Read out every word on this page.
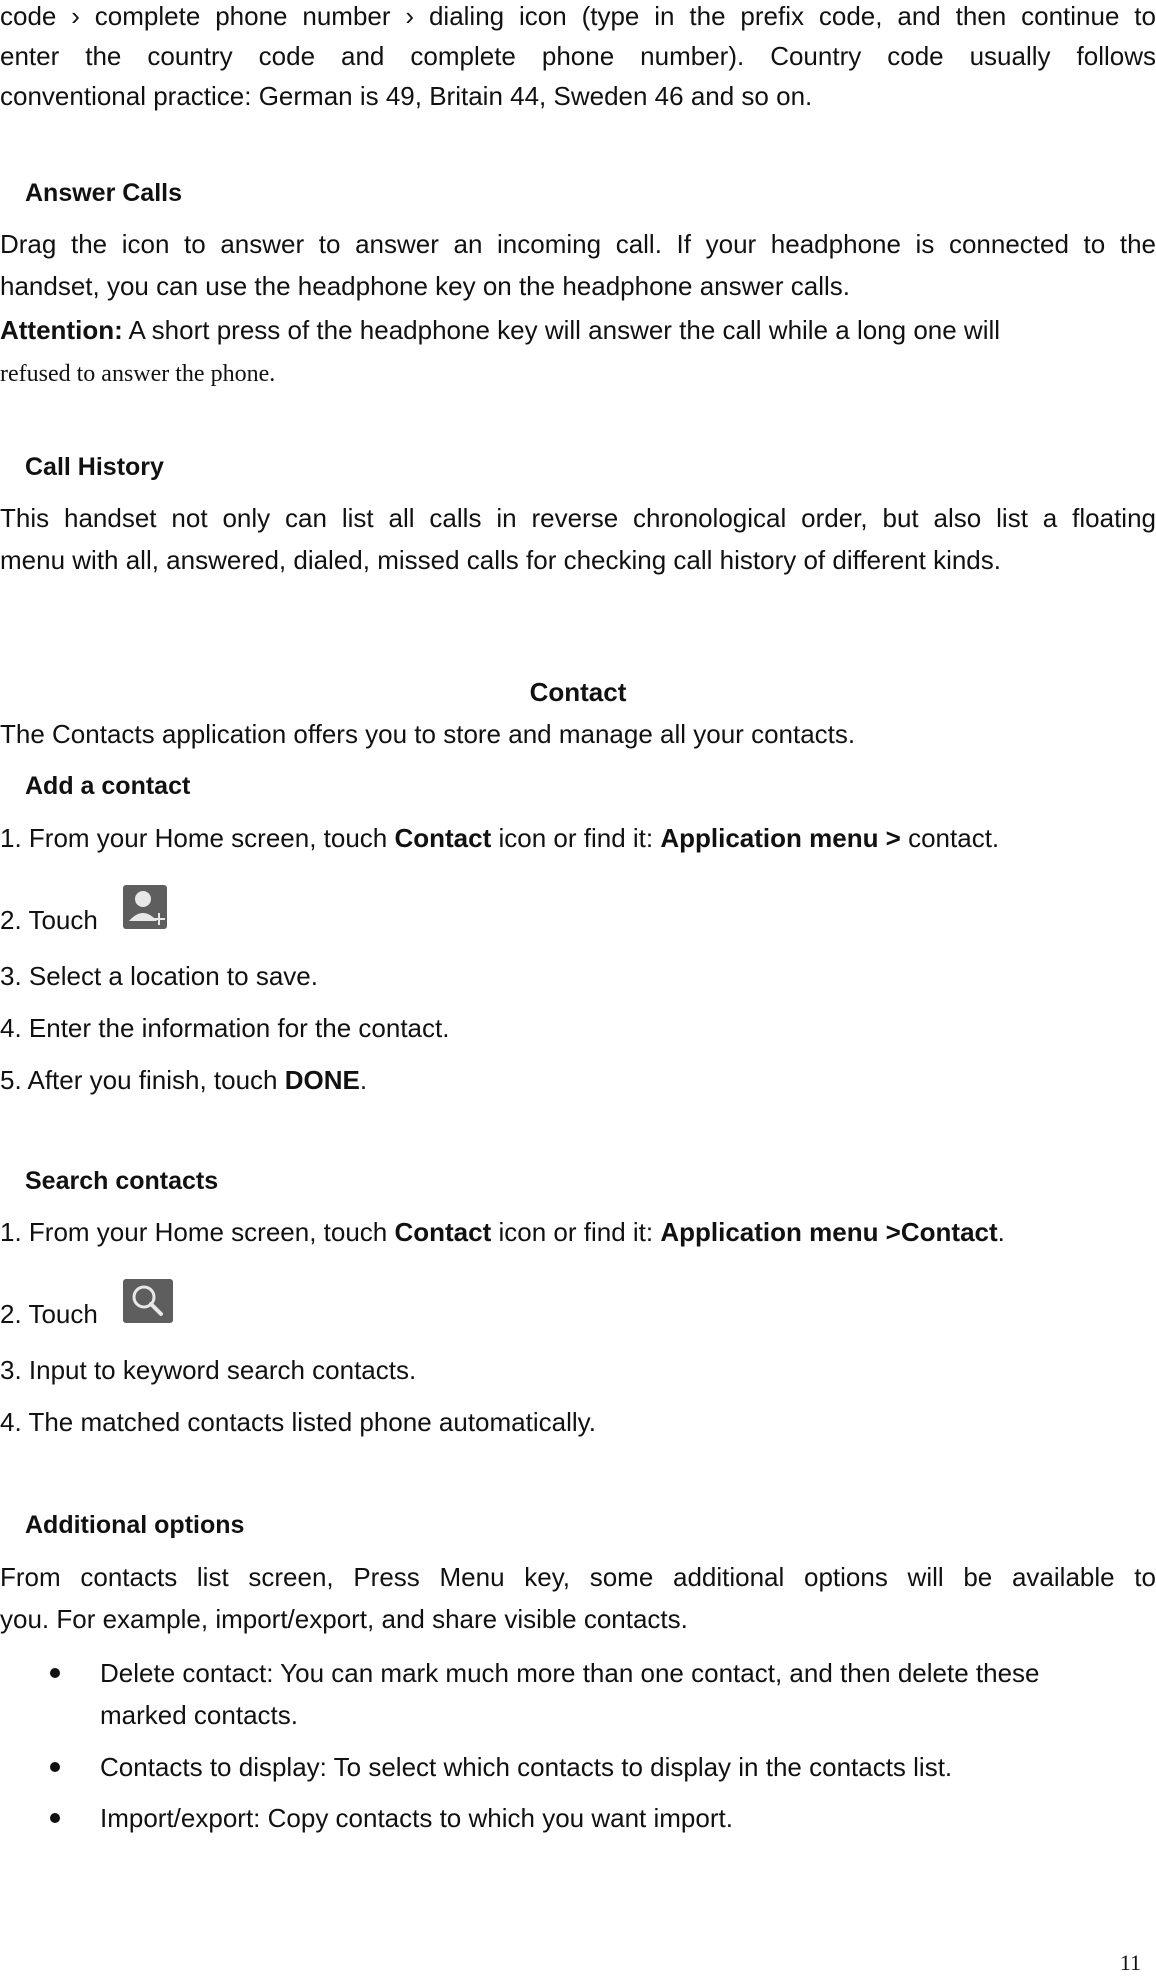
code › complete phone number › dialing icon (type in the prefix code, and then continue to
enter the country code and complete phone number). Country code usually follows
conventional practice: German is 49, Britain 44, Sweden 46 and so on.
Answer Calls
Drag the icon to answer to answer an incoming call. If your headphone is connected to the
handset, you can use the headphone key on the headphone answer calls.
Attention: A short press of the headphone key will answer the call while a long one will
refused to answer the phone.
Call History
This handset not only can list all calls in reverse chronological order, but also list a floating
menu with all, answered, dialed, missed calls for checking call history of different kinds.
Contact
The Contacts application offers you to store and manage all your contacts.
Add a contact
1. From your Home screen, touch Contact icon or find it: Application menu > contact.
2. Touch
3. Select a location to save.
4. Enter the information for the contact.
5. After you finish, touch DONE.
Search contacts
1. From your Home screen, touch Contact icon or find it: Application menu >Contact.
2. Touch
3. Input to keyword search contacts.
4. The matched contacts listed phone automatically.
Additional options
From contacts list screen, Press Menu key, some additional options will be available to
you. For example, import/export, and share visible contacts.
Delete contact: You can mark much more than one contact, and then delete these
marked contacts.
Contacts to display: To select which contacts to display in the contacts list.
Import/export: Copy contacts to which you want import.
11
